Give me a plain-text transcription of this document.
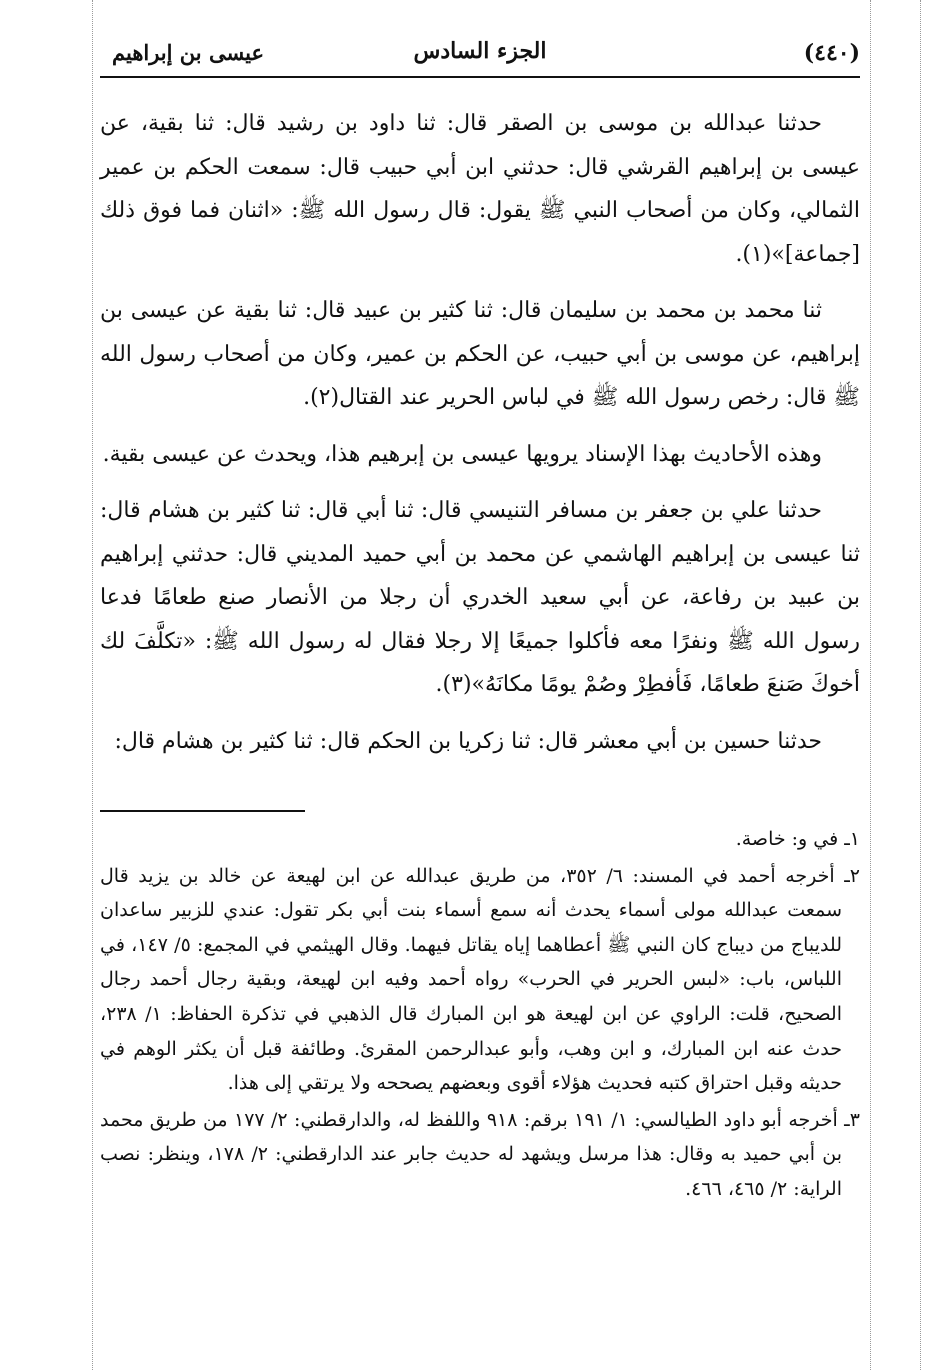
(٤٤٠)
الجزء السادس
عيسى بن إبراهيم

حدثنا عبدالله بن موسى بن الصقر قال: ثنا داود بن رشيد قال: ثنا بقية، عن عيسى بن إبراهيم القرشي قال: حدثني ابن أبي حبيب قال: سمعت الحكم بن عمير الثمالي، وكان من أصحاب النبي ﷺ يقول: قال رسول الله ﷺ: «اثنان فما فوق ذلك [جماعة]»(١).

ثنا محمد بن محمد بن سليمان قال: ثنا كثير بن عبيد قال: ثنا بقية عن عيسى بن إبراهيم، عن موسى بن أبي حبيب، عن الحكم بن عمير، وكان من أصحاب رسول الله ﷺ قال: رخص رسول الله ﷺ في لباس الحرير عند القتال(٢).

وهذه الأحاديث بهذا الإسناد يرويها عيسى بن إبرهيم هذا، ويحدث عن عيسى بقية.

حدثنا علي بن جعفر بن مسافر التنيسي قال: ثنا أبي قال: ثنا كثير بن هشام قال: ثنا عيسى بن إبراهيم الهاشمي عن محمد بن أبي حميد المديني قال: حدثني إبراهيم بن عبيد بن رفاعة، عن أبي سعيد الخدري أن رجلا من الأنصار صنع طعامًا فدعا رسول الله ﷺ ونفرًا معه فأكلوا جميعًا إلا رجلا فقال له رسول الله ﷺ: «تكلَّفَ لك أخوكَ صَنعَ طعامًا، فَأفطِرْ وصُمْ يومًا مكانَهُ»(٣).

حدثنا حسين بن أبي معشر قال: ثنا زكريا بن الحكم قال: ثنا كثير بن هشام قال:

١ـ في و: خاصة.

٢ـ أخرجه أحمد في المسند: ٦/ ٣٥٢، من طريق عبدالله عن ابن لهيعة عن خالد بن يزيد قال سمعت عبدالله مولى أسماء يحدث أنه سمع أسماء بنت أبي بكر تقول: عندي للزبير ساعدان للديباج من ديباج كان النبي ﷺ أعطاهما إياه يقاتل فيهما. وقال الهيثمي في المجمع: ٥/ ١٤٧، في اللباس، باب: «لبس الحرير في الحرب» رواه أحمد وفيه ابن لهيعة، وبقية رجال أحمد رجال الصحيح، قلت: الراوي عن ابن لهيعة هو ابن المبارك قال الذهبي في تذكرة الحفاظ: ١/ ٢٣٨، حدث عنه ابن المبارك، و ابن وهب، وأبو عبدالرحمن المقرئ. وطائفة قبل أن يكثر الوهم في حديثه وقبل احتراق كتبه فحديث هؤلاء أقوى وبعضهم يصححه ولا يرتقي إلى هذا.

٣ـ أخرجه أبو داود الطيالسي: ١/ ١٩١ برقم: ٩١٨ واللفظ له، والدارقطني: ٢/ ١٧٧ من طريق محمد بن أبي حميد به وقال: هذا مرسل ويشهد له حديث جابر عند الدارقطني: ٢/ ١٧٨، وينظر: نصب الراية: ٢/ ٤٦٥، ٤٦٦.
